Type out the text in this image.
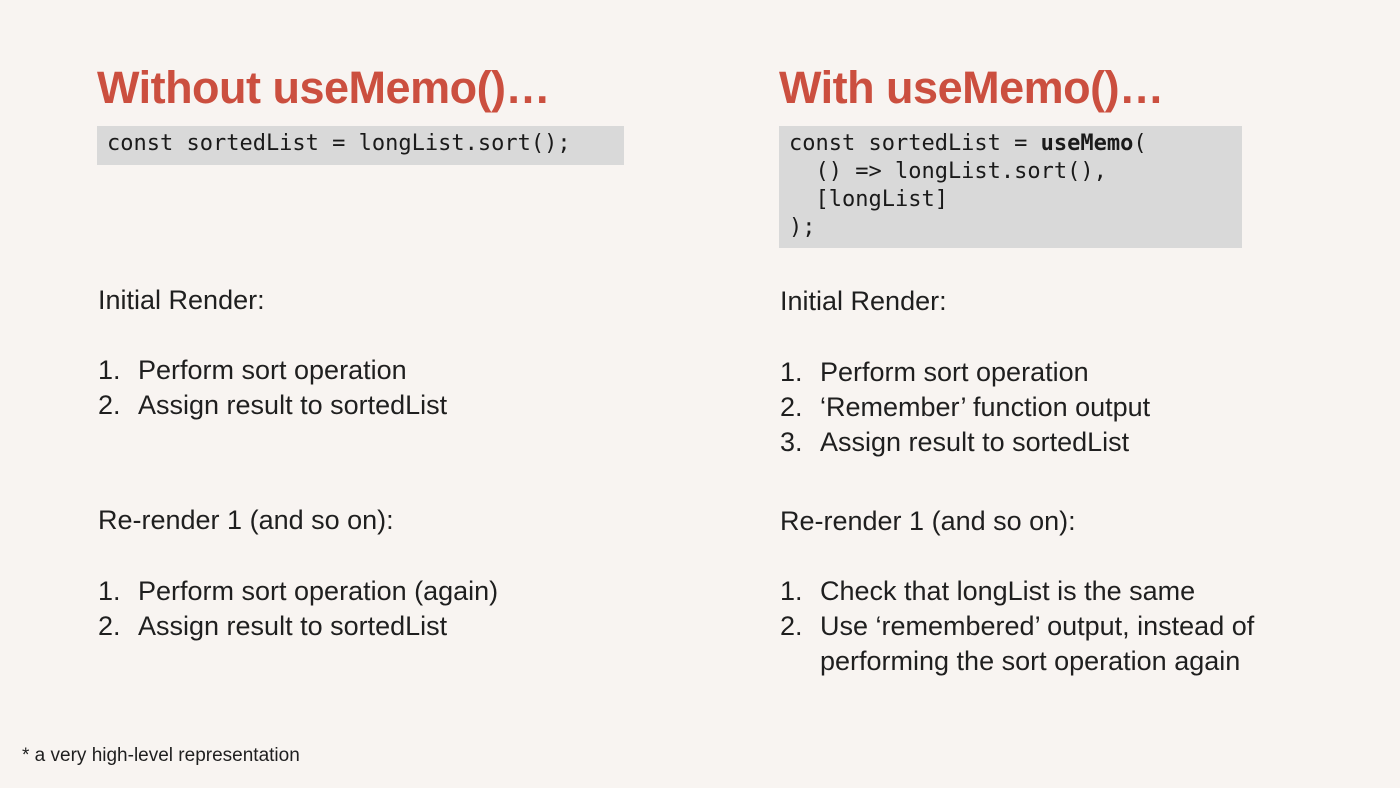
Without useMemo()…
const sortedList = longList.sort();
Initial Render:
1. Perform sort operation
2. Assign result to sortedList
Re-render 1 (and so on):
1. Perform sort operation (again)
2. Assign result to sortedList
With useMemo()…
const sortedList = useMemo(
() => longList.sort(),
[longList]
);
Initial Render:
1. Perform sort operation
2. ‘Remember’ function output
3. Assign result to sortedList
Re-render 1 (and so on):
1. Check that longList is the same
2. Use ‘remembered’ output, instead of
performing the sort operation again
* a very high-level representation
